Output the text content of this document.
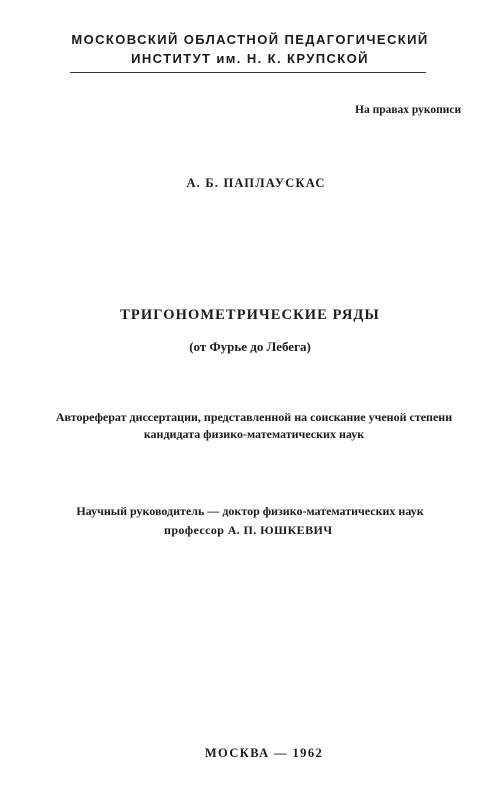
МОСКОВСКИЙ ОБЛАСТНОЙ ПЕДАГОГИЧЕСКИЙ
ИНСТИТУТ им. Н. К. КРУПСКОЙ
На правах рукописи
А. Б. ПАПЛАУСКАС
ТРИГОНОМЕТРИЧЕСКИЕ РЯДЫ
(от Фурье до Лебега)
Автореферат диссертации, представленной на соискание ученой степени
кандидата физико-математических наук
Научный руководитель — доктор физико-математических наук
профессор А. П. ЮШКЕВИЧ
МОСКВА — 1962
